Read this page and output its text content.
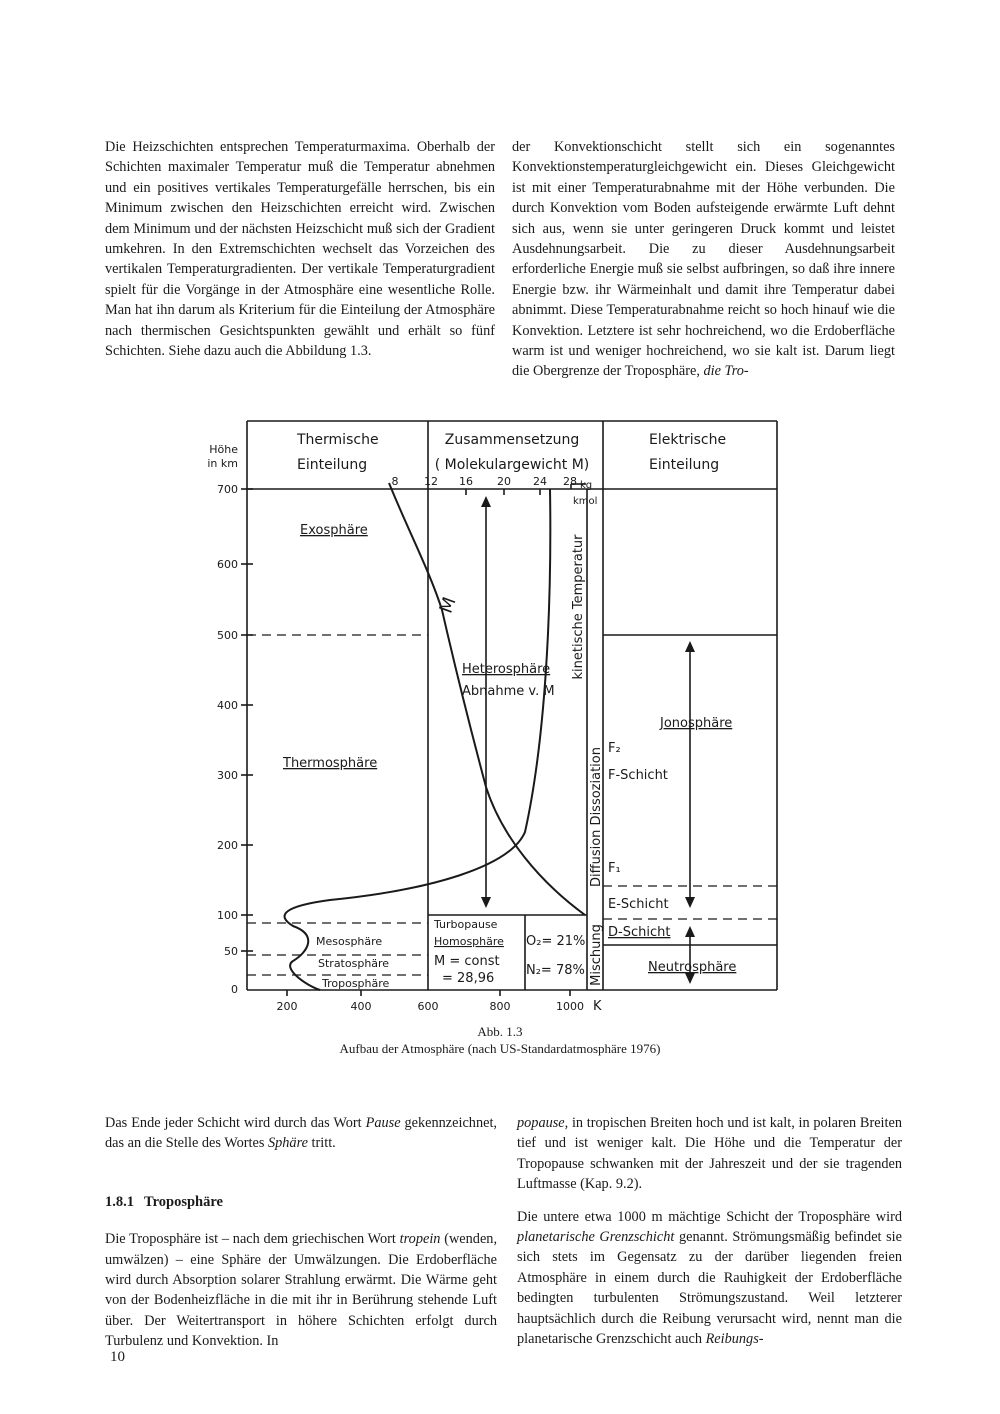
Die Heizschichten entsprechen Temperaturmaxima. Oberhalb der Schichten maximaler Temperatur muß die Temperatur abnehmen und ein positives vertikales Temperaturgefälle herrschen, bis ein Minimum zwischen den Heizschichten erreicht wird. Zwischen dem Minimum und der nächsten Heizschicht muß sich der Gradient umkehren. In den Extremschichten wechselt das Vorzeichen des vertikalen Temperaturgradienten. Der vertikale Temperaturgradient spielt für die Vorgänge in der Atmosphäre eine wesentliche Rolle. Man hat ihn darum als Kriterium für die Einteilung der Atmosphäre nach thermischen Gesichtspunkten gewählt und erhält so fünf Schichten. Siehe dazu auch die Abbildung 1.3.

der Konvektionschicht stellt sich ein sogenanntes Konvektionstemperaturgleichgewicht ein. Dieses Gleichgewicht ist mit einer Temperaturabnahme mit der Höhe verbunden. Die durch Konvektion vom Boden aufsteigende erwärmte Luft dehnt sich aus, wenn sie unter geringeren Druck kommt und leistet Ausdehnungsarbeit. Die zu dieser Ausdehnungsarbeit erforderliche Energie muß sie selbst aufbringen, so daß ihre innere Energie bzw. ihr Wärmeinhalt und damit ihre Temperatur dabei abnimmt. Diese Temperaturabnahme reicht so hoch hinauf wie die Konvektion. Letztere ist sehr hochreichend, wo die Erdoberfläche warm ist und weniger hochreichend, wo sie kalt ist. Darum liegt die Obergrenze der Troposphäre, die Tro-

Höhe
in km
700
600
500
400
300
200
100
50
0
200	400	600	800	1000 K
Thermische
Einteilung
Zusammensetzung
( Molekulargewicht M)
Elektrische
Einteilung
8 12 16 20 24 28 kg
kmol
M
Exosphäre
Thermosphäre
Mesosphäre
Stratosphäre
Troposphäre
Heterosphäre
Abnahme v. M
Turbopause
Homosphäre
M = const
= 28,96
O₂= 21%
N₂= 78%
kinetische Temperatur
Diffusion Dissoziation
Mischung
Jonosphäre
F₂
F-Schicht
F₁
E-Schicht
D-Schicht
Neutrosphäre
Abb. 1.3
Aufbau der Atmosphäre (nach US-Standardatmosphäre 1976)

Das Ende jeder Schicht wird durch das Wort Pause gekennzeichnet, das an die Stelle des Wortes Sphäre tritt.

1.8.1 Troposphäre

Die Troposphäre ist – nach dem griechischen Wort tropein (wenden, umwälzen) – eine Sphäre der Umwälzungen. Die Erdoberfläche wird durch Absorption solarer Strahlung erwärmt. Die Wärme geht von der Bodenheizfläche in die mit ihr in Berührung stehende Luft über. Der Weitertransport in höhere Schichten erfolgt durch Turbulenz und Konvektion. In

popause, in tropischen Breiten hoch und ist kalt, in polaren Breiten tief und ist weniger kalt. Die Höhe und die Temperatur der Tropopause schwanken mit der Jahreszeit und der sie tragenden Luftmasse (Kap. 9.2).

Die untere etwa 1000 m mächtige Schicht der Troposphäre wird planetarische Grenzschicht genannt. Strömungsmäßig befindet sie sich stets im Gegensatz zu der darüber liegenden freien Atmosphäre in einem durch die Rauhigkeit der Erdoberfläche bedingten turbulenten Strömungszustand. Weil letzterer hauptsächlich durch die Reibung verursacht wird, nennt man die planetarische Grenzschicht auch Reibungs-

10
